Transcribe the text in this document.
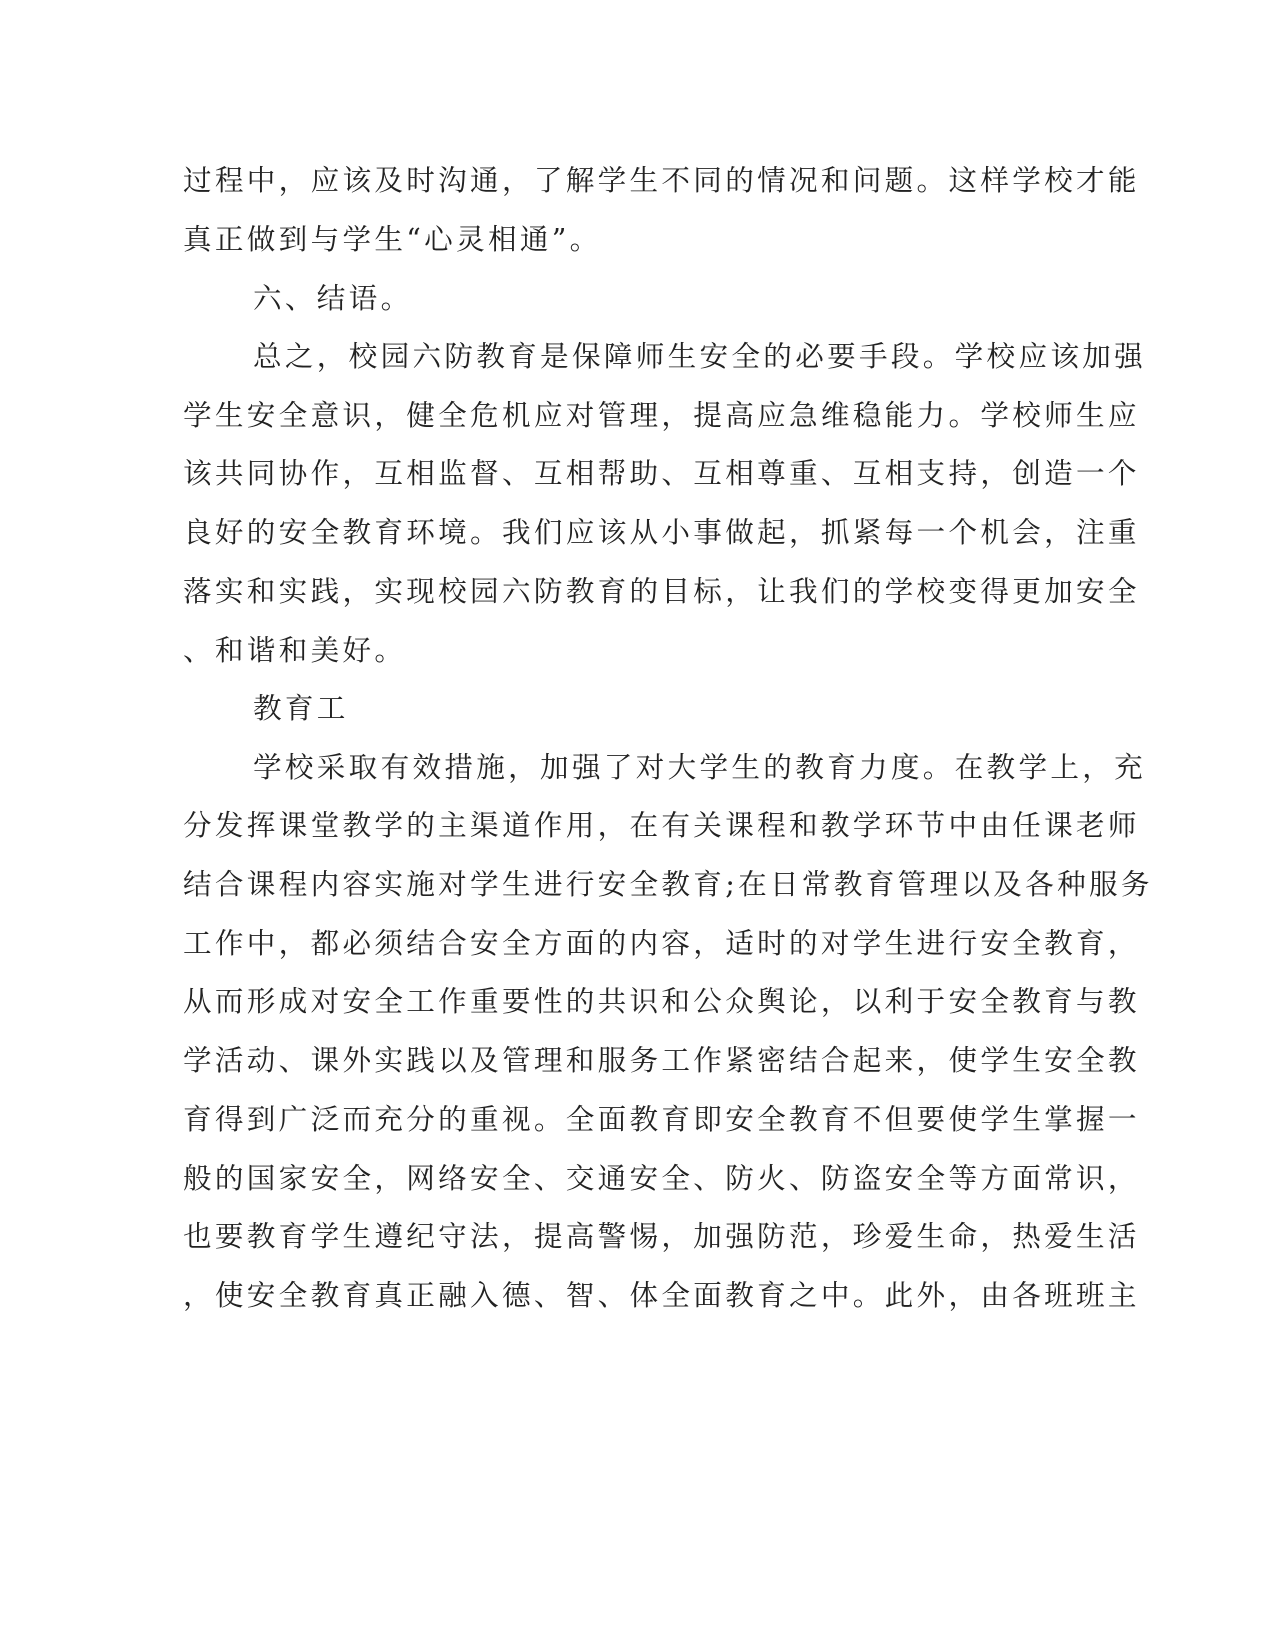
过程中，应该及时沟通，了解学生不同的情况和问题。这样学校才能
真正做到与学生“心灵相通”。
六、结语。
总之，校园六防教育是保障师生安全的必要手段。学校应该加强
学生安全意识，健全危机应对管理，提高应急维稳能力。学校师生应
该共同协作，互相监督、互相帮助、互相尊重、互相支持，创造一个
良好的安全教育环境。我们应该从小事做起，抓紧每一个机会，注重
落实和实践，实现校园六防教育的目标，让我们的学校变得更加安全
、和谐和美好。
教育工
学校采取有效措施，加强了对大学生的教育力度。在教学上，充
分发挥课堂教学的主渠道作用，在有关课程和教学环节中由任课老师
结合课程内容实施对学生进行安全教育;在日常教育管理以及各种服务
工作中，都必须结合安全方面的内容，适时的对学生进行安全教育，
从而形成对安全工作重要性的共识和公众舆论，以利于安全教育与教
学活动、课外实践以及管理和服务工作紧密结合起来，使学生安全教
育得到广泛而充分的重视。全面教育即安全教育不但要使学生掌握一
般的国家安全，网络安全、交通安全、防火、防盗安全等方面常识，
也要教育学生遵纪守法，提高警惕，加强防范，珍爱生命，热爱生活
，使安全教育真正融入德、智、体全面教育之中。此外，由各班班主
